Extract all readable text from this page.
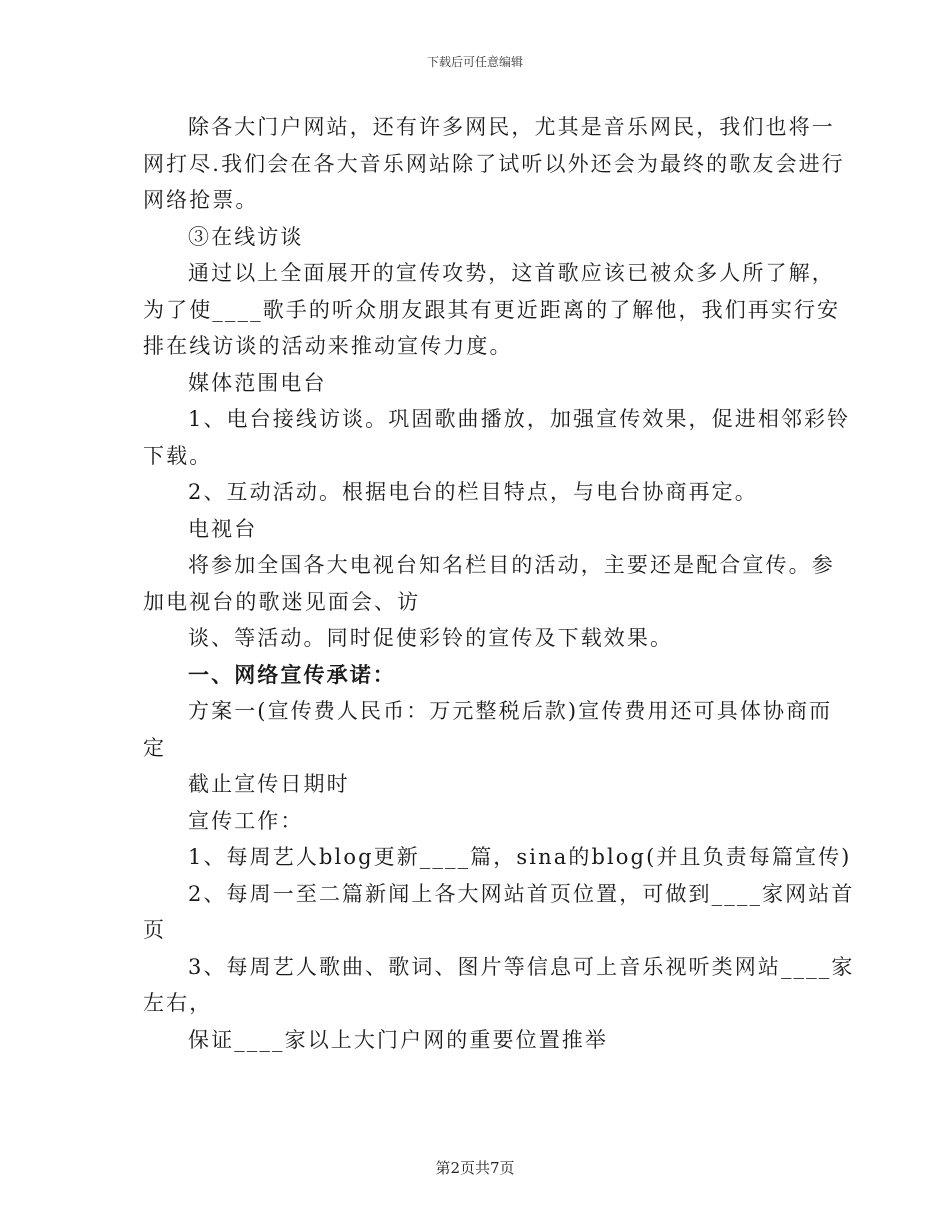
下载后可任意编辑

除各大门户网站，还有许多网民，尤其是音乐网民，我们也将一

网打尽.我们会在各大音乐网站除了试听以外还会为最终的歌友会进行

网络抢票。

③在线访谈

通过以上全面展开的宣传攻势，这首歌应该已被众多人所了解，

为了使____歌手的听众朋友跟其有更近距离的了解他，我们再实行安

排在线访谈的活动来推动宣传力度。

媒体范围电台

1、电台接线访谈。巩固歌曲播放，加强宣传效果，促进相邻彩铃

下载。

2、互动活动。根据电台的栏目特点，与电台协商再定。

电视台

将参加全国各大电视台知名栏目的活动，主要还是配合宣传。参

加电视台的歌迷见面会、访

谈、等活动。同时促使彩铃的宣传及下载效果。

一、网络宣传承诺：

方案一(宣传费人民币：万元整税后款)宣传费用还可具体协商而

定

截止宣传日期时

宣传工作：

1、每周艺人blog更新____篇，sina的blog(并且负责每篇宣传)

2、每周一至二篇新闻上各大网站首页位置，可做到____家网站首

页

3、每周艺人歌曲、歌词、图片等信息可上音乐视听类网站____家

左右，

保证____家以上大门户网的重要位置推举

第2页共7页
